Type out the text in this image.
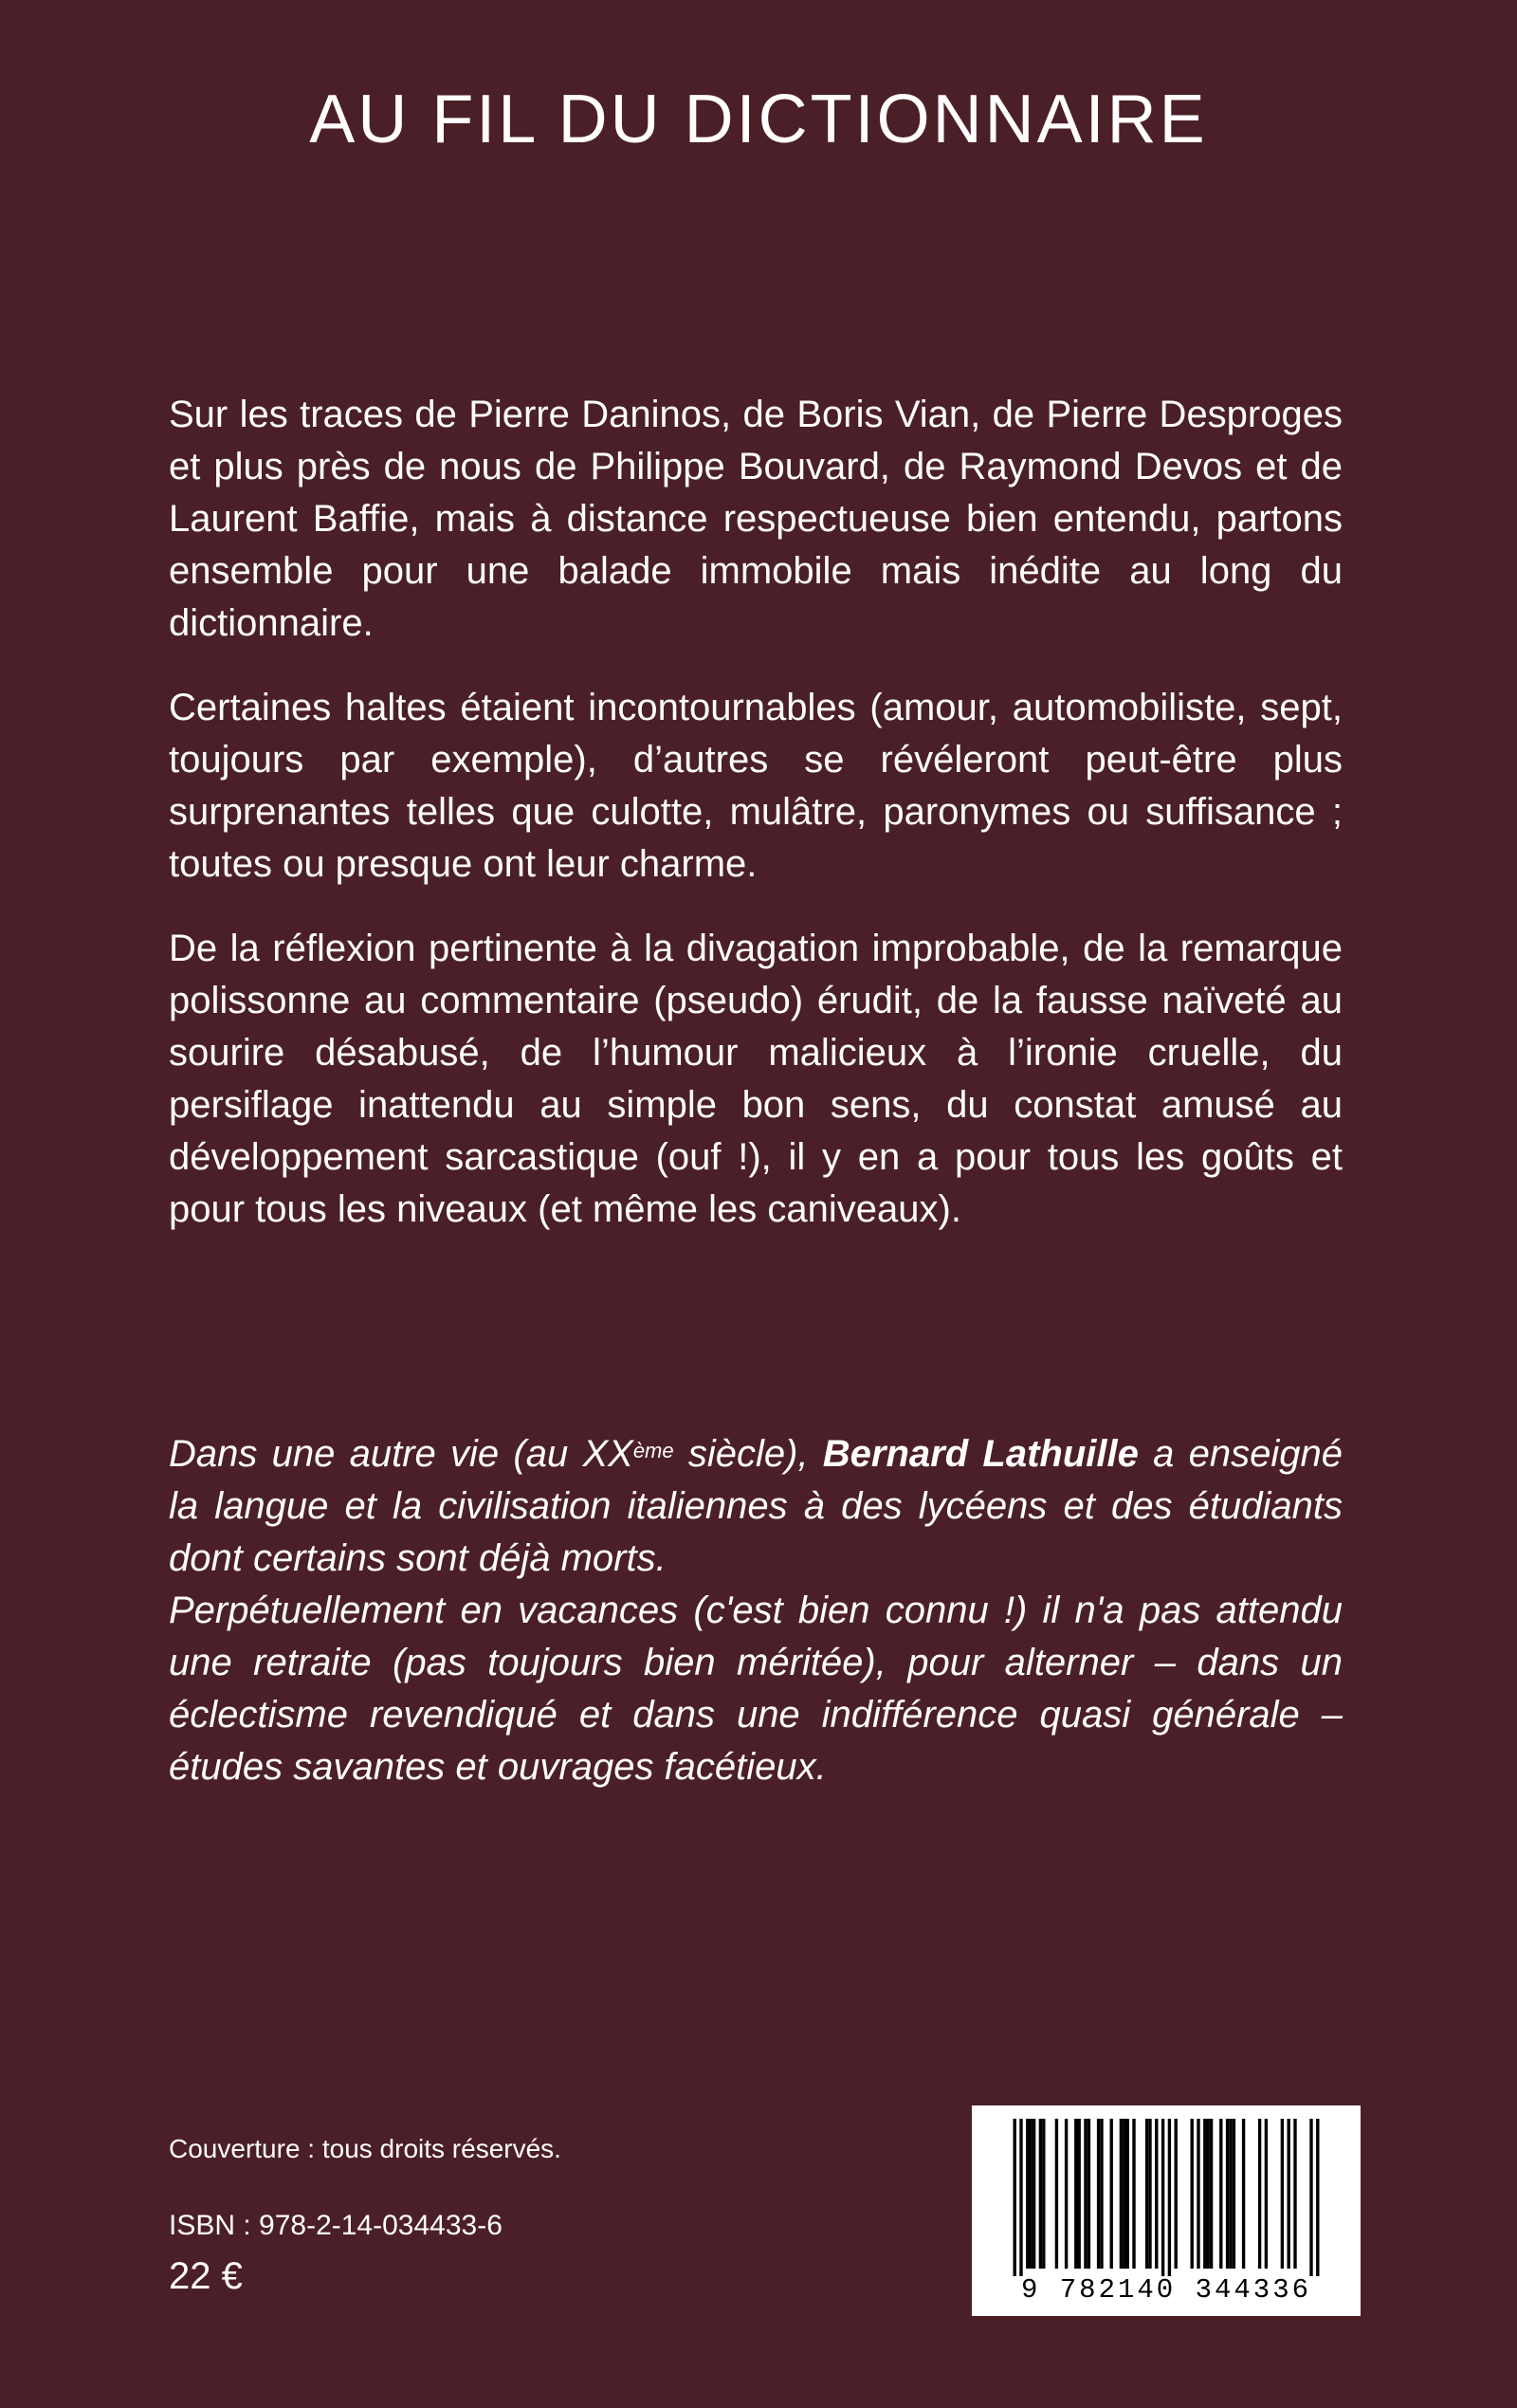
AU FIL DU DICTIONNAIRE

Sur les traces de Pierre Daninos, de Boris Vian, de Pierre Desproges et plus près de nous de Philippe Bouvard, de Raymond Devos et de Laurent Baffie, mais à distance respectueuse bien entendu, partons ensemble pour une balade immobile mais inédite au long du dictionnaire.

Certaines haltes étaient incontournables (amour, automobiliste, sept, toujours par exemple), d’autres se révéleront peut-être plus surprenantes telles que culotte, mulâtre, paronymes ou suffisance ; toutes ou presque ont leur charme.

De la réflexion pertinente à la divagation improbable, de la remarque polissonne au commentaire (pseudo) érudit, de la fausse naïveté au sourire désabusé, de l’humour malicieux à l’ironie cruelle, du persiflage inattendu au simple bon sens, du constat amusé au développement sarcastique (ouf !), il y en a pour tous les goûts et pour tous les niveaux (et même les caniveaux).

Dans une autre vie (au XXème siècle), Bernard Lathuille a enseigné la langue et la civilisation italiennes à des lycéens et des étudiants dont certains sont déjà morts.

Perpétuellement en vacances (c'est bien connu !) il n'a pas attendu une retraite (pas toujours bien méritée), pour alterner – dans un éclectisme revendiqué et dans une indifférence quasi générale – études savantes et ouvrages facétieux.

Couverture : tous droits réservés.
ISBN : 978-2-14-034433-6
22 €	9 782140 344336
